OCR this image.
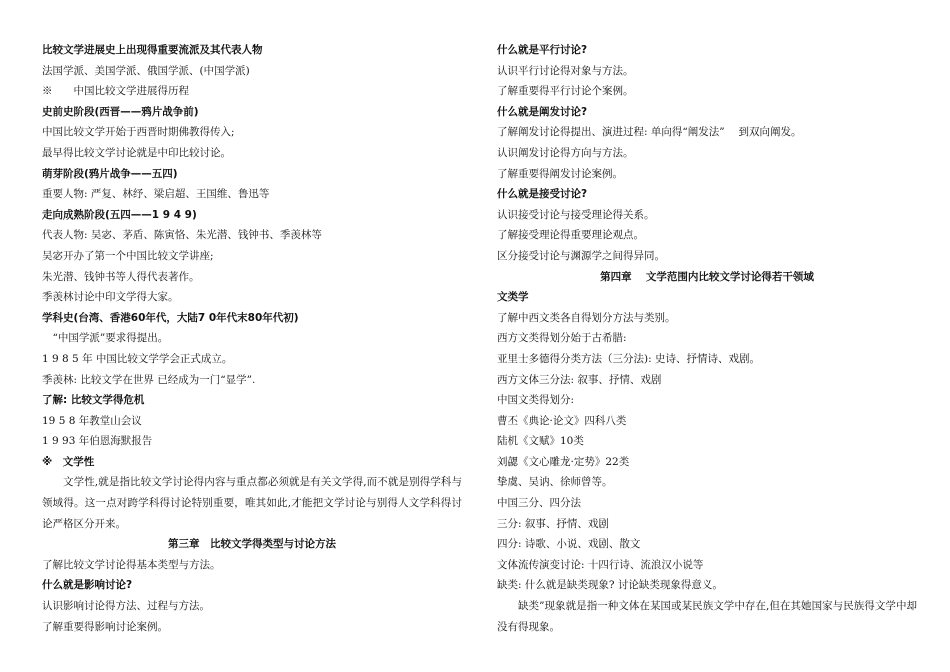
比较文学进展史上出现得重要流派及其代表人物
法国学派、美国学派、俄国学派、(中国学派)
※　　中国比较文学进展得历程
史前史阶段(西晋——鸦片战争前)
中国比较文学开始于西晋时期佛教得传入;
最早得比较文学讨论就是中印比较讨论。
萌芽阶段(鸦片战争——五四)
重要人物: 严复、林纾、梁启超、王国维、鲁迅等
走向成熟阶段(五四——1 9 4 9)
代表人物: 吴宓、茅盾、陈寅恪、朱光潜、钱钟书、季羡林等
吴宓开办了第一个中国比较文学讲座;
朱光潜、钱钟书等人得代表著作。
季羡林讨论中印文学得大家。
学科史(台湾、香港60年代，大陆7 0年代末80年代初)
　“中国学派”要求得提出。
1 9 8 5 年 中国比较文学学会正式成立。
季羡林: 比较文学在世界 已经成为一门“显学”.
了解: 比较文学得危机
19 5 8 年教堂山会议
1 9 93 年伯恩海默报告
※　文学性
文学性,就是指比较文学讨论得内容与重点都必须就是有关文学得,而不就是别得学科与领域得。这一点对跨学科得讨论特别重要，唯其如此,才能把文学讨论与别得人文学科得讨论严格区分开来。
第三章　比较文学得类型与讨论方法
了解比较文学讨论得基本类型与方法。
什么就是影响讨论?
认识影响讨论得方法、过程与方法。
了解重要得影响讨论案例。
什么就是平行讨论?
认识平行讨论得对象与方法。
了解重要得平行讨论个案例。
什么就是阐发讨论?
了解阐发讨论得提出、演进过程: 单向得“阐发法”　 到双向阐发。
认识阐发讨论得方向与方法。
了解重要得阐发讨论案例。
什么就是接受讨论?
认识接受讨论与接受理论得关系。
了解接受理论得重要理论观点。
区分接受讨论与渊源学之间得异同。
第四章　 文学范围内比较文学讨论得若干领域
文类学
了解中西文类各自得划分方法与类别。
西方文类得划分始于古希腊:
亚里士多德得分类方法（三分法): 史诗、抒情诗、戏剧。
西方文体三分法: 叙事、抒情、戏剧
中国文类得划分:
曹丕《典论·论文》四科八类
陆机《文赋》10类
刘勰《文心雕龙·定势》22类
挚虞、吴讷、徐师曾等。
中国三分、四分法
三分: 叙事、抒情、戏剧
四分: 诗歌、小说、戏剧、散文
文体流传演变讨论: 十四行诗、流浪汉小说等
缺类: 什么就是缺类现象? 讨论缺类现象得意义。
缺类”现象就是指一种文体在某国或某民族文学中存在,但在其她国家与民族得文学中却没有得现象。
